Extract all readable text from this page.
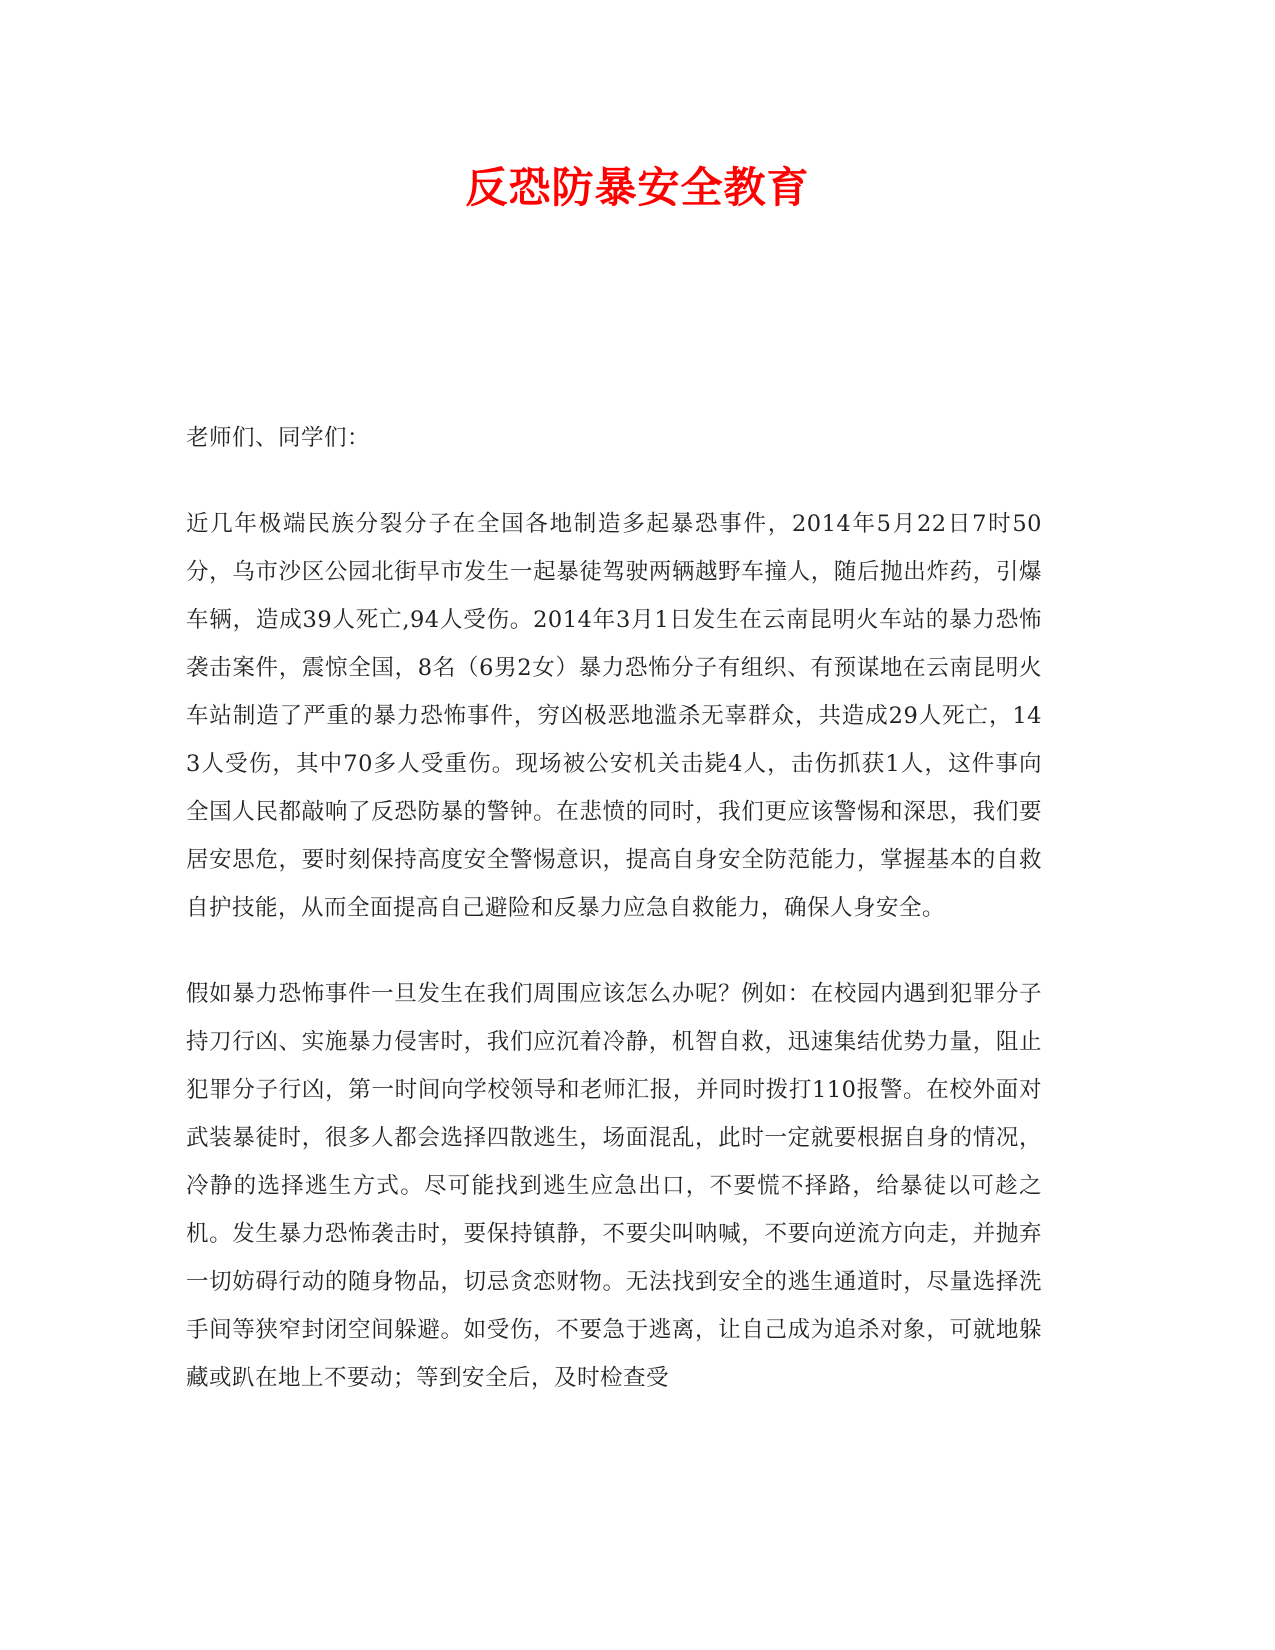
反恐防暴安全教育

老师们、同学们：

近几年极端民族分裂分子在全国各地制造多起暴恐事件，2014年5月22日7时50分，乌市沙区公园北街早市发生一起暴徒驾驶两辆越野车撞人，随后抛出炸药，引爆车辆，造成39人死亡,94人受伤。2014年3月1日发生在云南昆明火车站的暴力恐怖袭击案件，震惊全国，8名（6男2女）暴力恐怖分子有组织、有预谋地在云南昆明火车站制造了严重的暴力恐怖事件，穷凶极恶地滥杀无辜群众，共造成29人死亡，143人受伤，其中70多人受重伤。现场被公安机关击毙4人，击伤抓获1人，这件事向全国人民都敲响了反恐防暴的警钟。在悲愤的同时，我们更应该警惕和深思，我们要居安思危，要时刻保持高度安全警惕意识，提高自身安全防范能力，掌握基本的自救自护技能，从而全面提高自己避险和反暴力应急自救能力，确保人身安全。

假如暴力恐怖事件一旦发生在我们周围应该怎么办呢？例如：在校园内遇到犯罪分子持刀行凶、实施暴力侵害时，我们应沉着冷静，机智自救，迅速集结优势力量，阻止犯罪分子行凶，第一时间向学校领导和老师汇报，并同时拨打110报警。在校外面对武装暴徒时，很多人都会选择四散逃生，场面混乱，此时一定就要根据自身的情况，冷静的选择逃生方式。尽可能找到逃生应急出口，不要慌不择路，给暴徒以可趁之机。发生暴力恐怖袭击时，要保持镇静，不要尖叫呐喊，不要向逆流方向走，并抛弃一切妨碍行动的随身物品，切忌贪恋财物。无法找到安全的逃生通道时，尽量选择洗手间等狭窄封闭空间躲避。如受伤，不要急于逃离，让自己成为追杀对象，可就地躲藏或趴在地上不要动；等到安全后，及时检查受
